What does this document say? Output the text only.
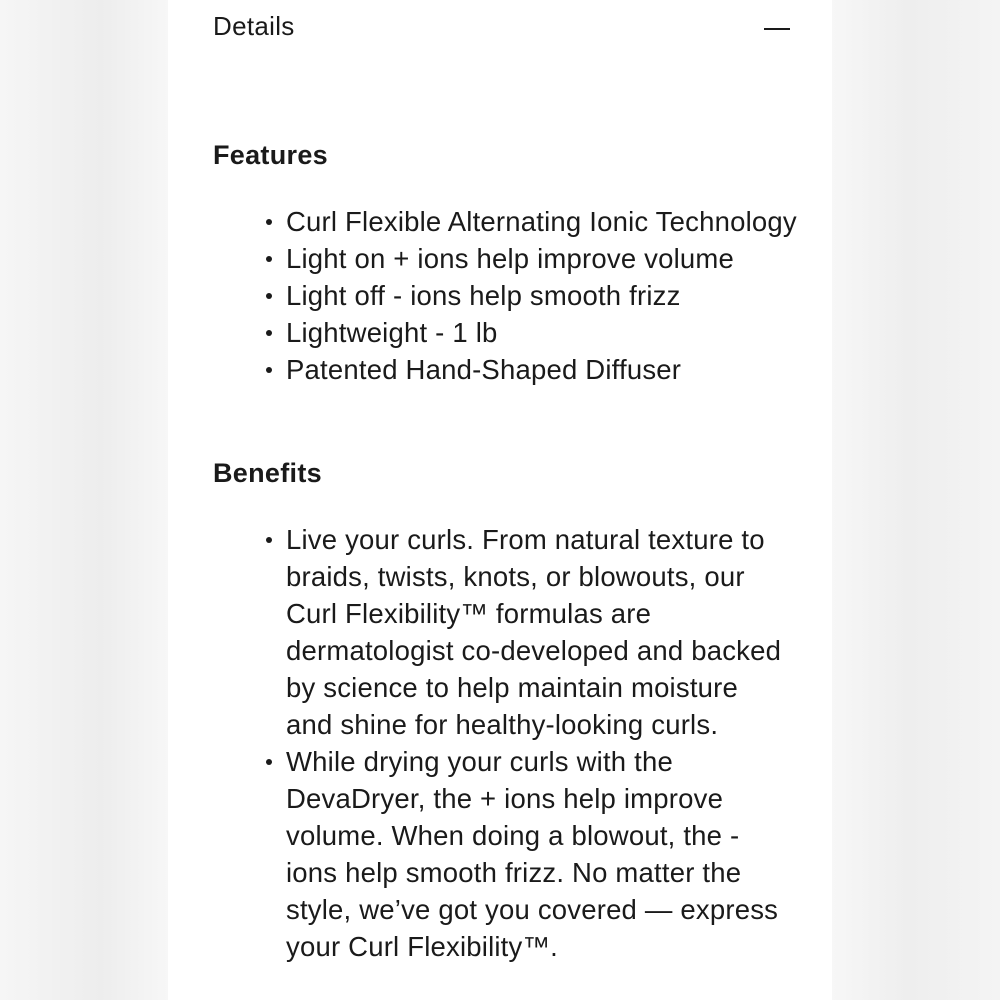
Details
Features
Curl Flexible Alternating Ionic Technology
Light on + ions help improve volume
Light off - ions help smooth frizz
Lightweight - 1 lb
Patented Hand-Shaped Diffuser
Benefits
Live your curls. From natural texture to braids, twists, knots, or blowouts, our Curl Flexibility™ formulas are dermatologist co-developed and backed by science to help maintain moisture and shine for healthy-looking curls.
While drying your curls with the DevaDryer, the + ions help improve volume. When doing a blowout, the - ions help smooth frizz. No matter the style, we’ve got you covered — express your Curl Flexibility™.
